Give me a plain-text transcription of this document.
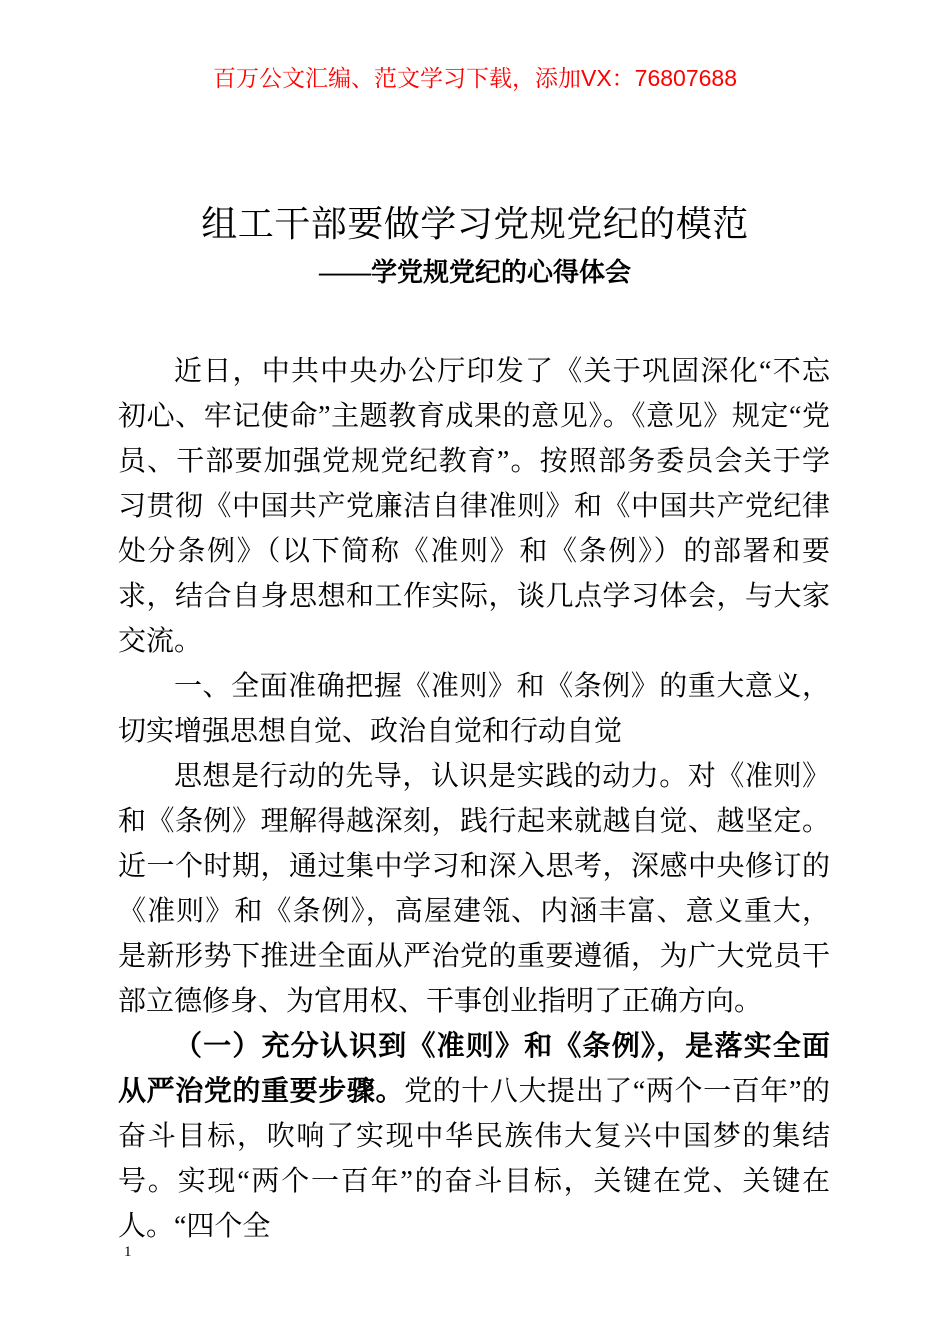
百万公文汇编、范文学习下载，添加VX：76807688
组工干部要做学习党规党纪的模范
——学党规党纪的心得体会

近日，中共中央办公厅印发了《关于巩固深化“不忘初心、牢记使命”主题教育成果的意见》。《意见》规定“党员、干部要加强党规党纪教育”。按照部务委员会关于学习贯彻《中国共产党廉洁自律准则》和《中国共产党纪律处分条例》（以下简称《准则》和《条例》）的部署和要求，结合自身思想和工作实际，谈几点学习体会，与大家交流。

一、全面准确把握《准则》和《条例》的重大意义，切实增强思想自觉、政治自觉和行动自觉

思想是行动的先导，认识是实践的动力。对《准则》和《条例》理解得越深刻，践行起来就越自觉、越坚定。近一个时期，通过集中学习和深入思考，深感中央修订的《准则》和《条例》，高屋建瓴、内涵丰富、意义重大，是新形势下推进全面从严治党的重要遵循，为广大党员干部立德修身、为官用权、干事创业指明了正确方向。

（一）充分认识到《准则》和《条例》，是落实全面从严治党的重要步骤。党的十八大提出了“两个一百年”的奋斗目标，吹响了实现中华民族伟大复兴中国梦的集结号。实现“两个一百年”的奋斗目标，关键在党、关键在人。“四个全

1
